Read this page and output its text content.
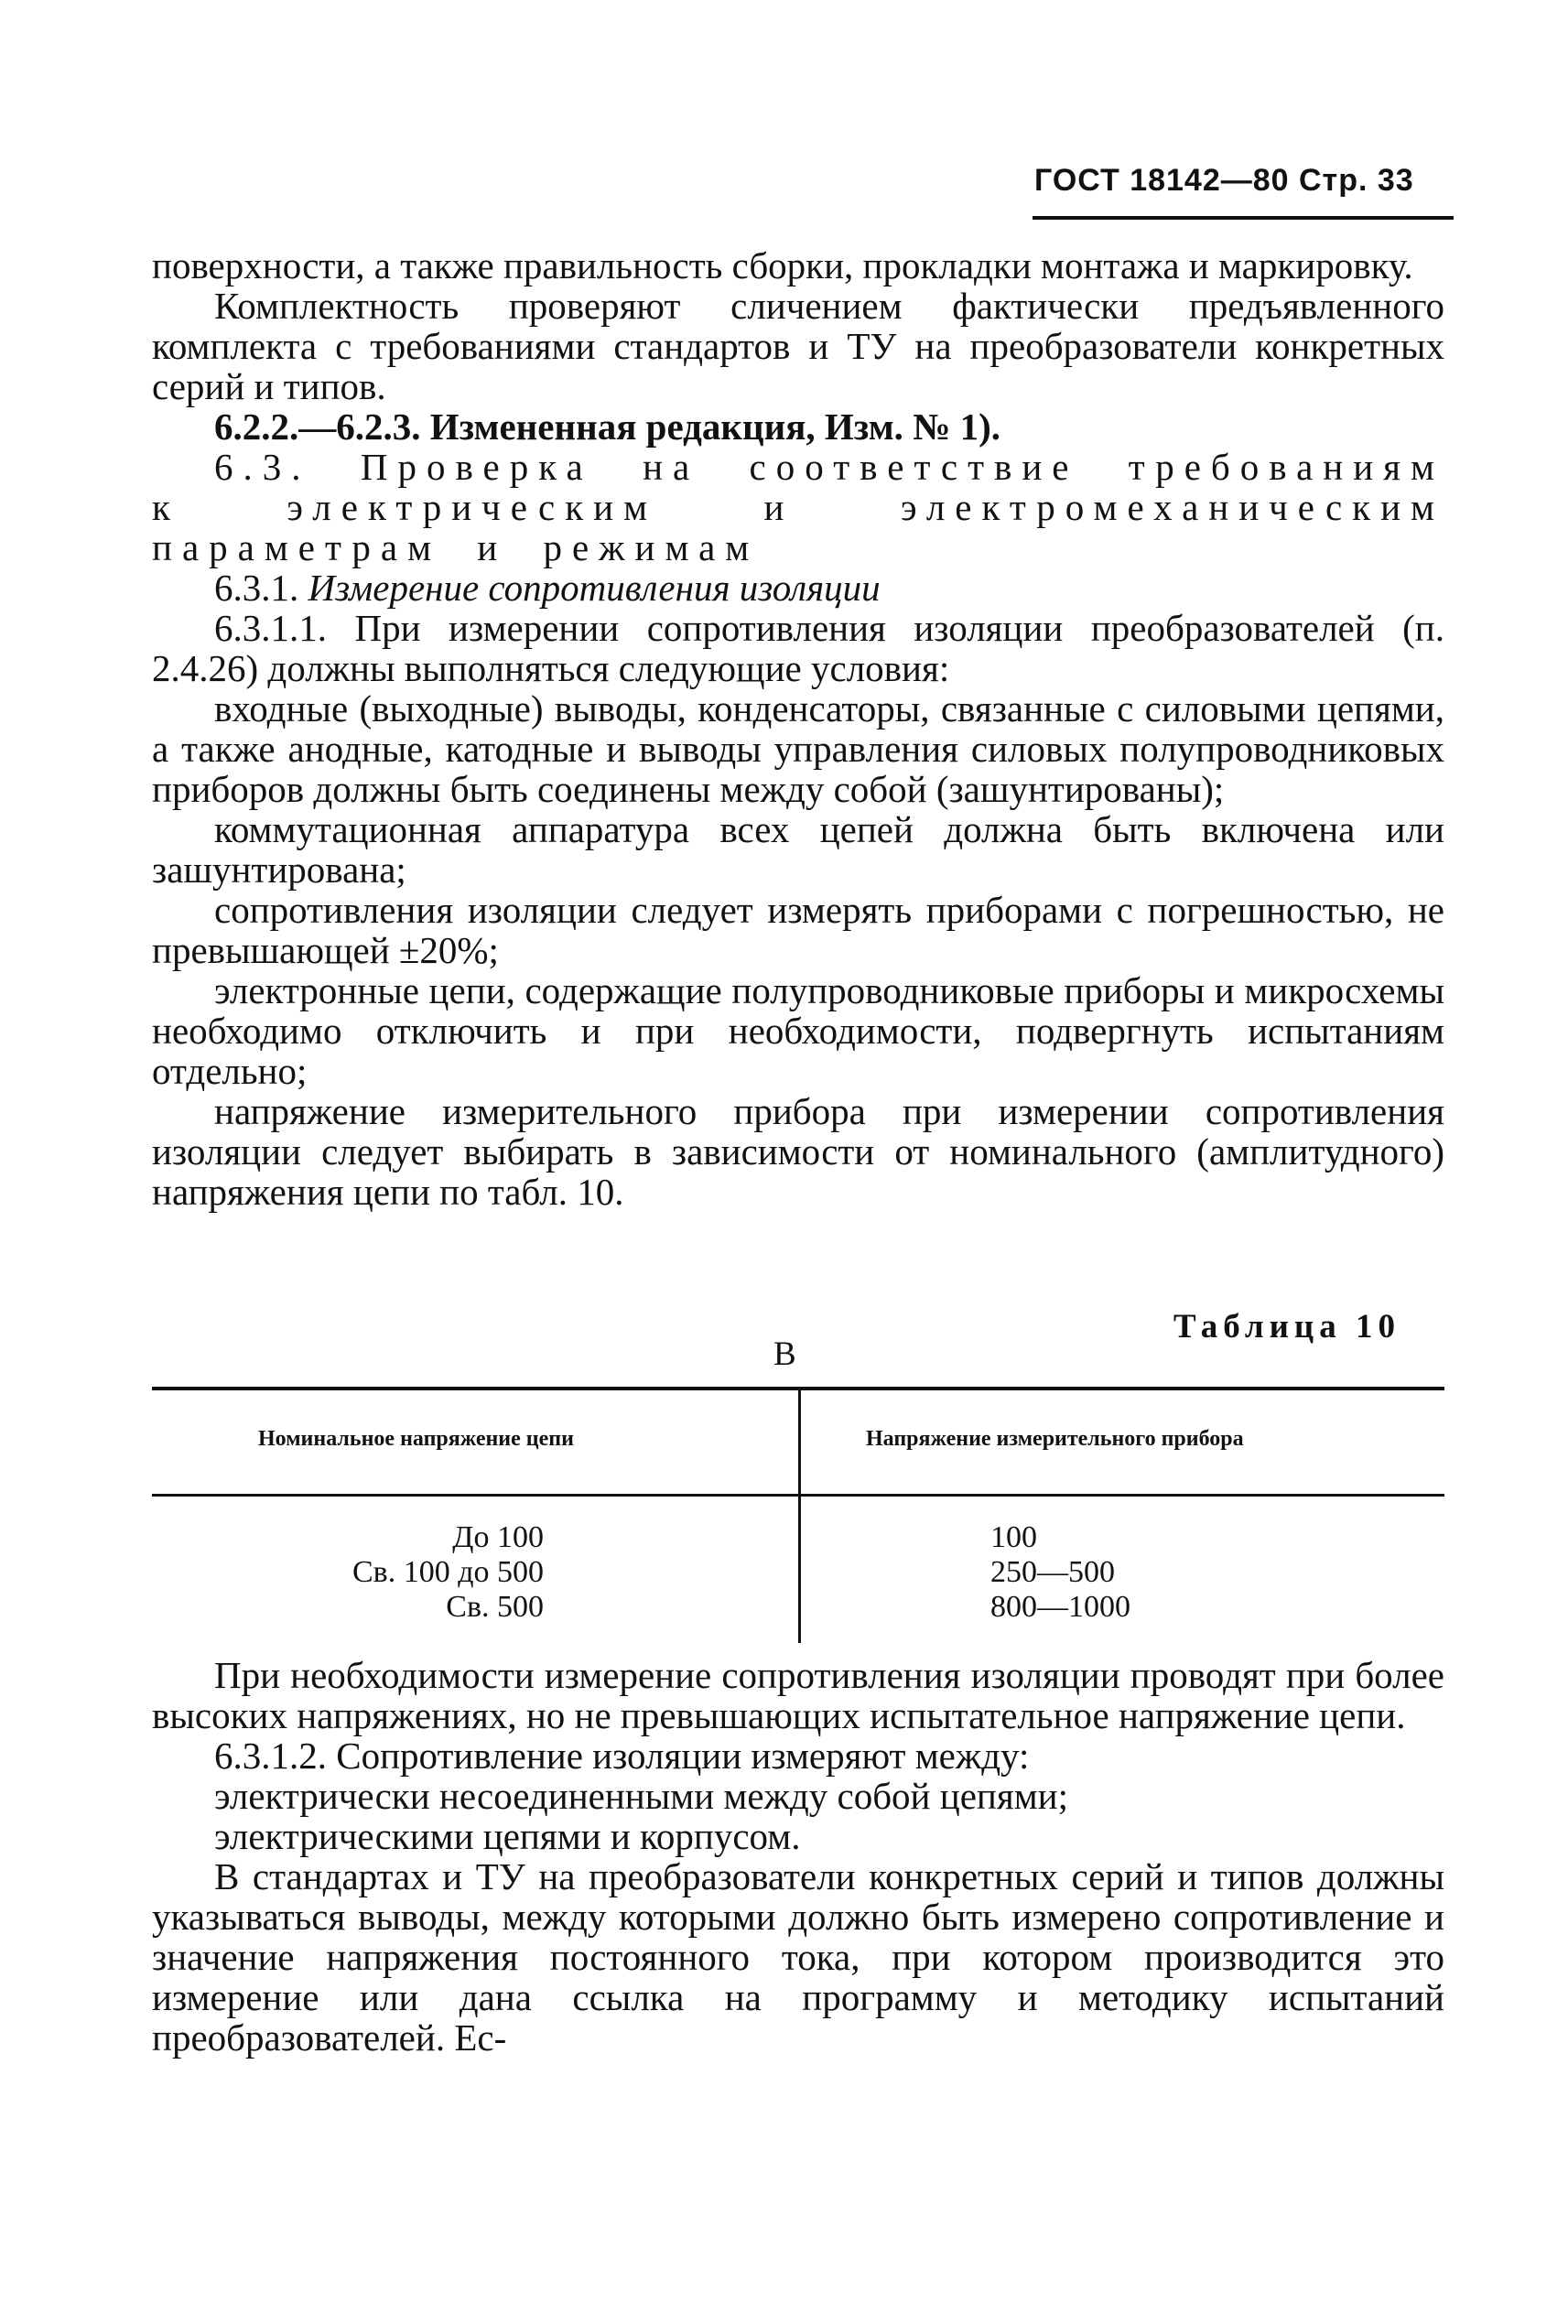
ГОСТ 18142—80 Стр. 33

поверхности, а также правильность сборки, прокладки монтажа и маркировку.

Комплектность проверяют сличением фактически предъявленного комплекта с требованиями стандартов и ТУ на преобразователи конкретных серий и типов.

6.2.2.—6.2.3. Измененная редакция, Изм. № 1).

6.3. Проверка на соответствие требованиям к электрическим и электромеханическим параметрам и режимам

6.3.1. Измерение сопротивления изоляции

6.3.1.1. При измерении сопротивления изоляции преобразователей (п. 2.4.26) должны выполняться следующие условия:

входные (выходные) выводы, конденсаторы, связанные с силовыми цепями, а также анодные, катодные и выводы управления силовых полупроводниковых приборов должны быть соединены между собой (зашунтированы);

коммутационная аппаратура всех цепей должна быть включена или зашунтирована;

сопротивления изоляции следует измерять приборами с погрешностью, не превышающей ±20%;

электронные цепи, содержащие полупроводниковые приборы и микросхемы необходимо отключить и при необходимости, подвергнуть испытаниям отдельно;

напряжение измерительного прибора при измерении сопротивления изоляции следует выбирать в зависимости от номинального (амплитудного) напряжения цепи по табл. 10.

Таблица 10
В
Номинальное напряжение цепи	Напряжение измерительного прибора
До 100
Св. 100 до 500
Св. 500
100
250—500
800—1000

При необходимости измерение сопротивления изоляции проводят при более высоких напряжениях, но не превышающих испытательное напряжение цепи.

6.3.1.2. Сопротивление изоляции измеряют между:

электрически несоединенными между собой цепями;

электрическими цепями и корпусом.

В стандартах и ТУ на преобразователи конкретных серий и типов должны указываться выводы, между которыми должно быть измерено сопротивление и значение напряжения постоянного тока, при котором производится это измерение или дана ссылка на программу и методику испытаний преобразователей. Ес-
